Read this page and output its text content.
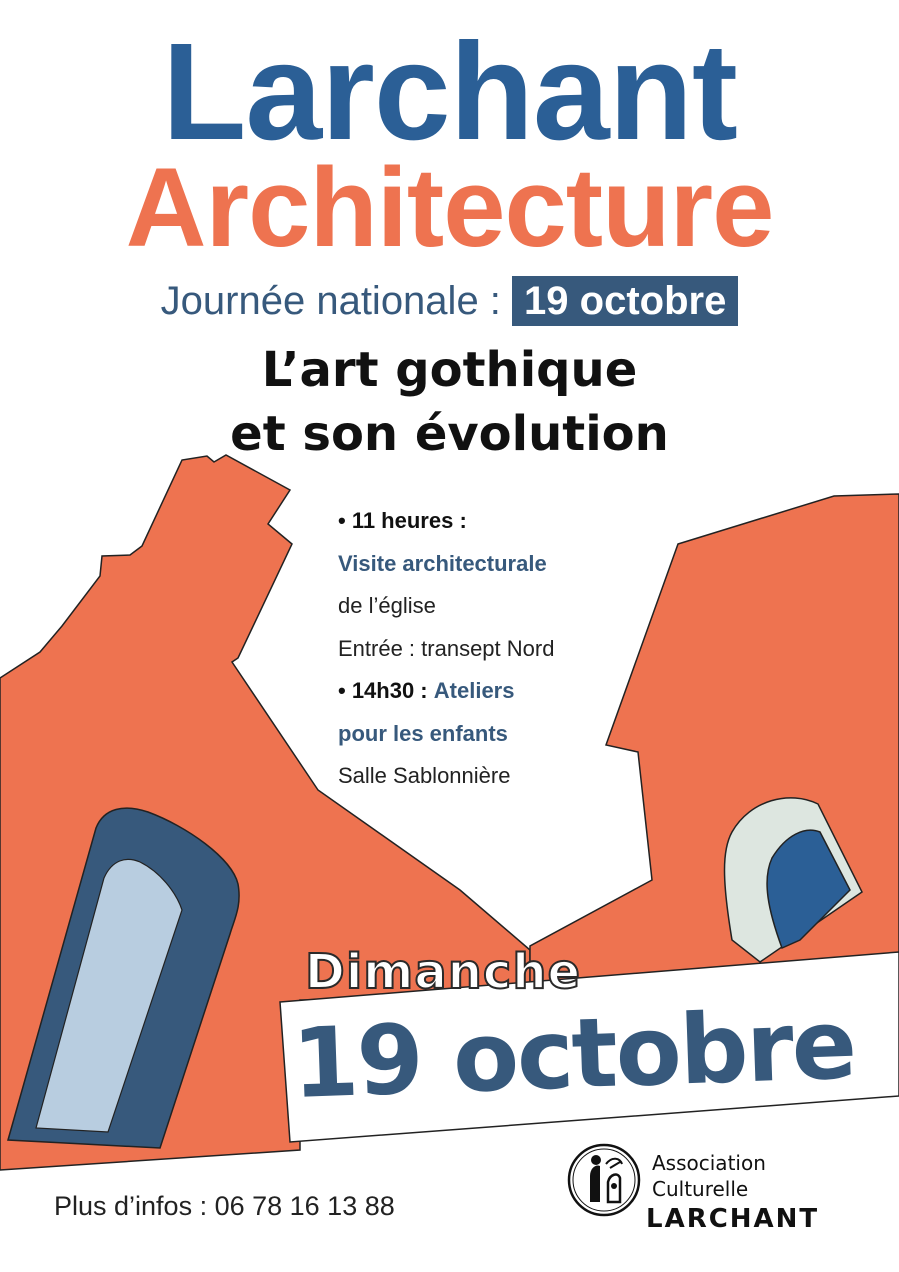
Larchant
Architecture
Journée nationale : 19 octobre
L’art gothique
et son évolution
• 11 heures :
Visite architecturale
de l’église
Entrée : transept Nord
• 14h30 : Ateliers
pour les enfants
Salle Sablonnière
Dimanche
19 octobre
Plus d’infos : 06 78 16 13 88
Association
Culturelle
LARCHANT
